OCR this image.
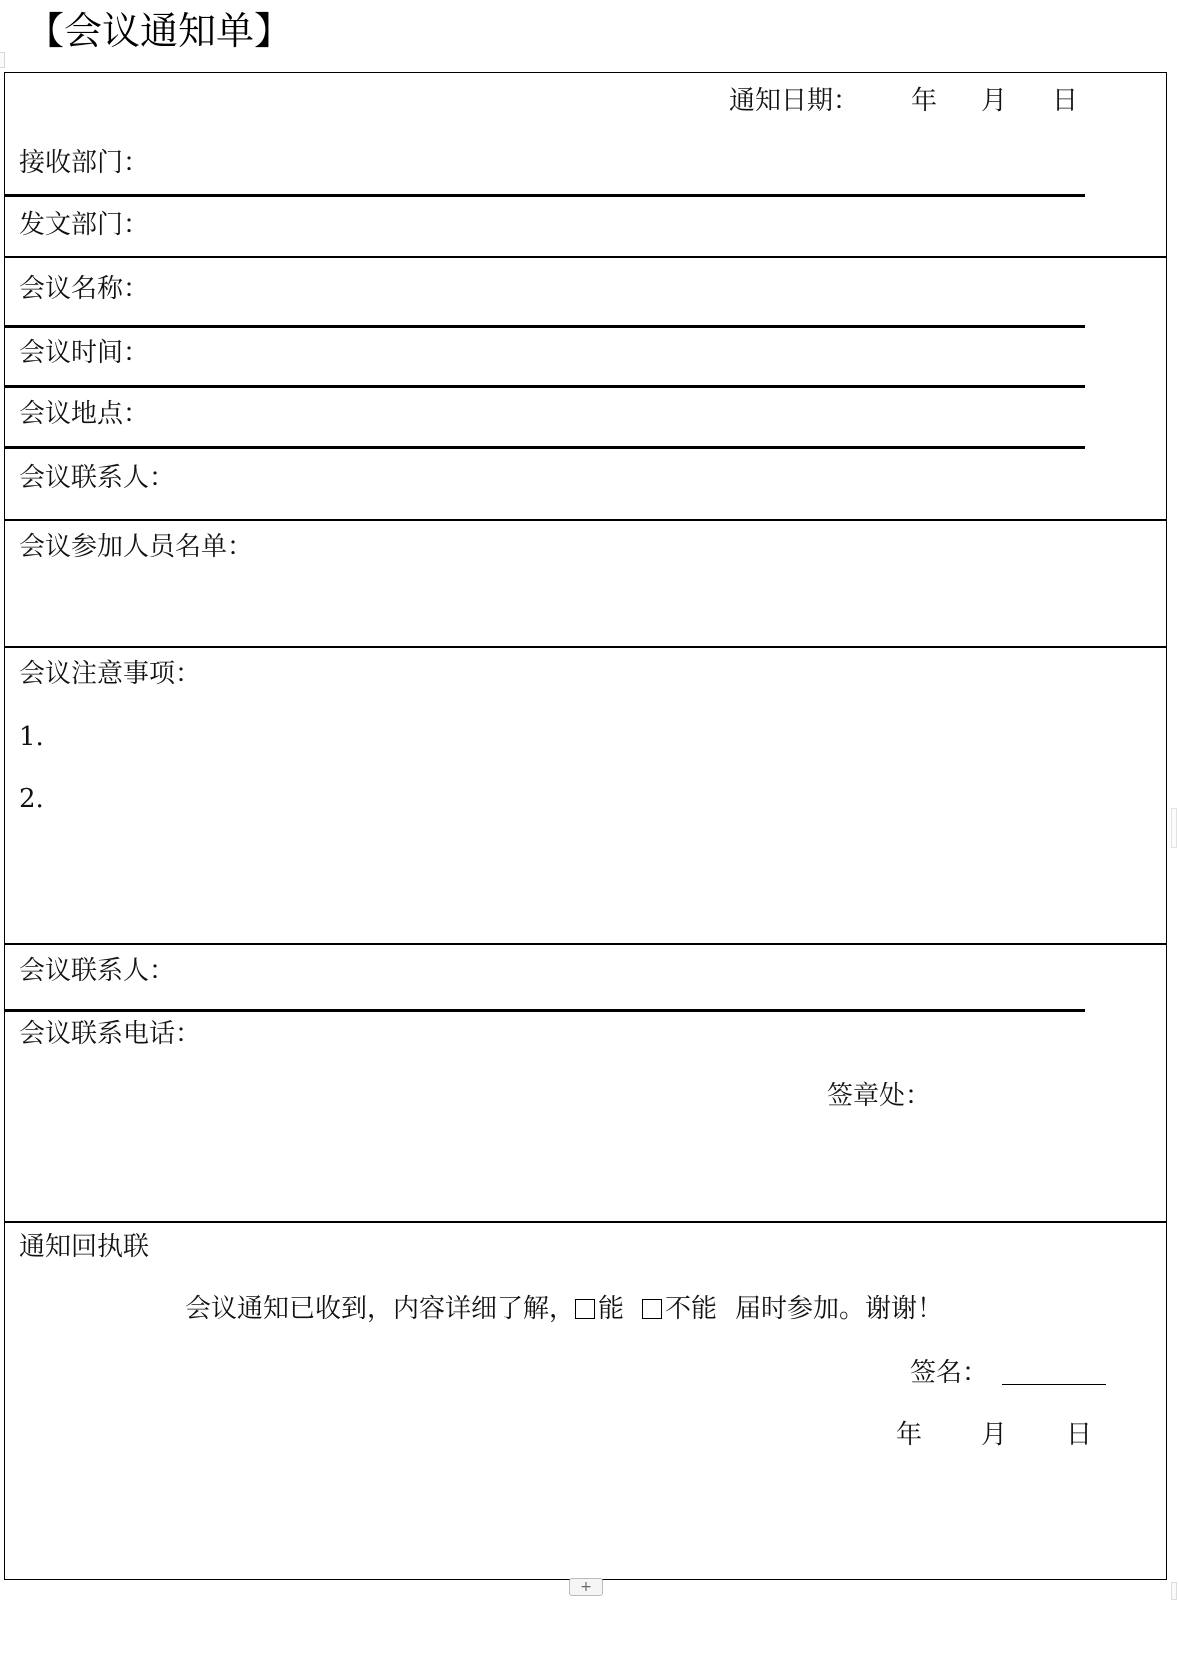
【会议通知单】
通知日期： 年 月 日
接收部门：
发文部门：
会议名称：
会议时间：
会议地点：
会议联系人：
会议参加人员名单：
会议注意事项：
1.
2.
会议联系人：
会议联系电话：
签章处：
通知回执联
会议通知已收到，内容详细了解， 能 不能 届时参加。谢谢！
签名：
年 月 日
+
